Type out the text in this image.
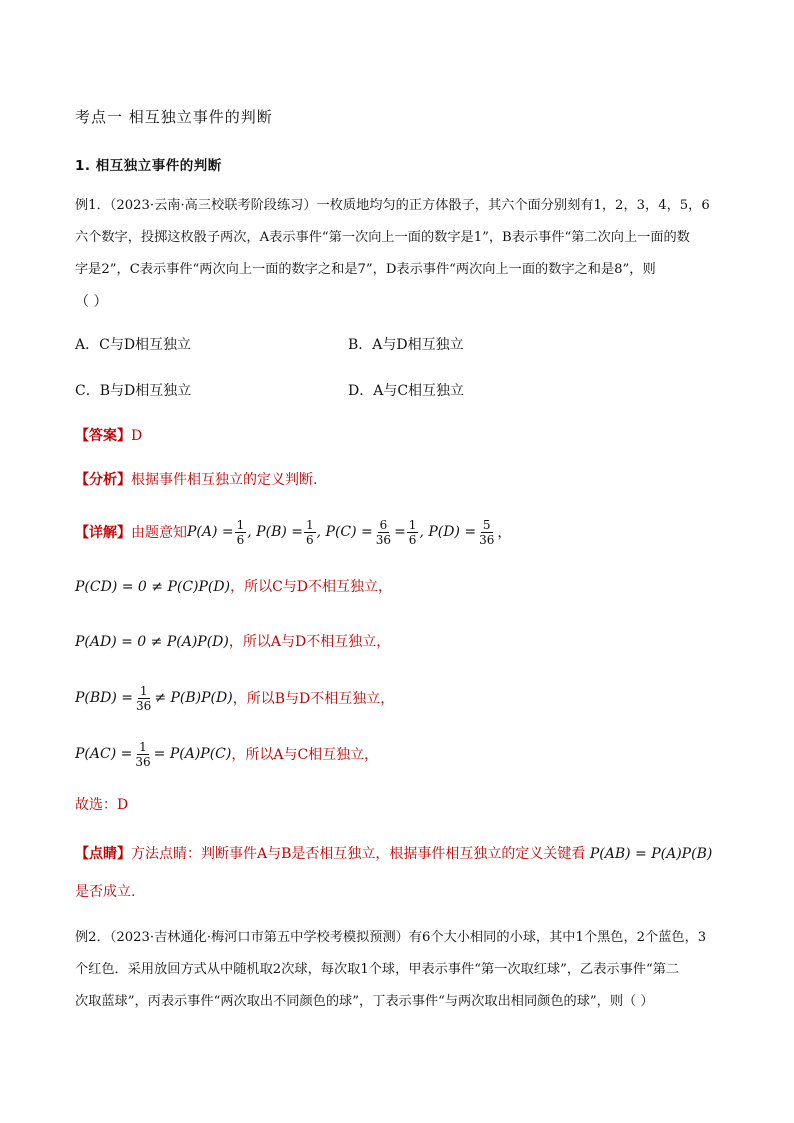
考点一 相互独立事件的判断
1. 相互独立事件的判断
例1．（2023·云南·高三校联考阶段练习）一枚质地均匀的正方体骰子，其六个面分别刻有1，2，3，4，5，6
六个数字，投掷这枚骰子两次，A表示事件“第一次向上一面的数字是1”，B表示事件“第二次向上一面的数
字是2”，C表示事件“两次向上一面的数字之和是7”，D表示事件“两次向上一面的数字之和是8”，则
（ ）
A．C与D相互独立	B．A与D相互独立
C．B与D相互独立	D．A与C相互独立
【答案】D
【分析】根据事件相互独立的定义判断.
【详解】 由题意知 $P(A) = \frac{1}{6}$ , $P(B) = \frac{1}{6}$ , $P(C) = \frac{6}{36} = \frac{1}{6}$ , $P(D) = \frac{5}{36}$ ，
P(CD) = 0 ≠ P(C)P(D)，所以C与D不相互独立，
P(AD) = 0 ≠ P(A)P(D)，所以A与D不相互独立，
$P(BD) = \frac{1}{36} \ne P(B)P(D)$ ，所以B与D不相互独立，
$P(AC) = \frac{1}{36} = P(A)P(C)$ ，所以A与C相互独立，
故选：D
【点睛】方法点睛：判断事件A与B是否相互独立，根据事件相互独立的定义关键看 P(AB) = P(A)P(B)
是否成立.
例2．（2023·吉林通化·梅河口市第五中学校考模拟预测）有6个大小相同的小球，其中1个黑色，2个蓝色，3
个红色．采用放回方式从中随机取2次球，每次取1个球，甲表示事件“第一次取红球”，乙表示事件“第二
次取蓝球”，丙表示事件“两次取出不同颜色的球”，丁表示事件“与两次取出相同颜色的球”，则（ ）
